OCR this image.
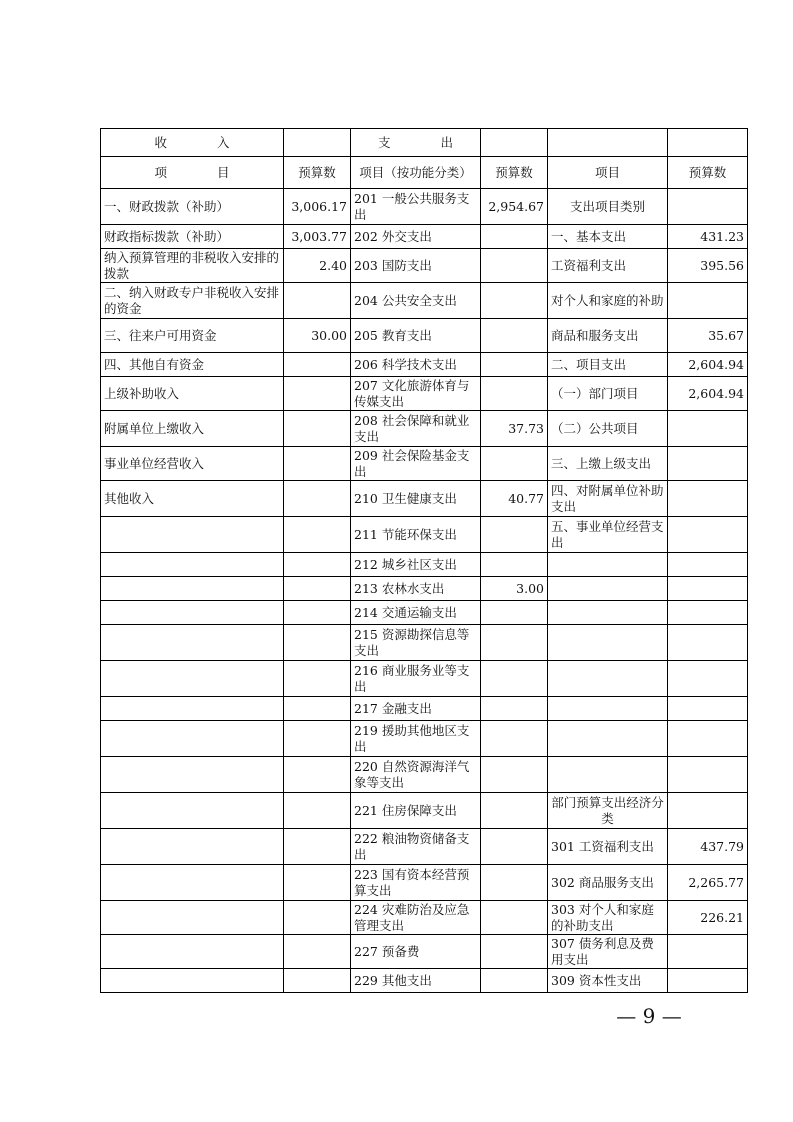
收　　　　入		支　　　　出			
项　　　　目	预算数	项目（按功能分类）	预算数	项目	预算数
一、财政拨款（补助）	3,006.17	201 一般公共服务支出	2,954.67	支出项目类别	
财政指标拨款（补助）	3,003.77	202 外交支出		一、基本支出	431.23
纳入预算管理的非税收入安排的拨款	2.40	203 国防支出		工资福利支出	395.56
二、纳入财政专户非税收入安排的资金		204 公共安全支出		对个人和家庭的补助	
三、往来户可用资金	30.00	205 教育支出		商品和服务支出	35.67
四、其他自有资金		206 科学技术支出		二、项目支出	2,604.94
上级补助收入		207 文化旅游体育与传媒支出		（一）部门项目	2,604.94
附属单位上缴收入		208 社会保障和就业支出	37.73	（二）公共项目	
事业单位经营收入		209 社会保险基金支出		三、上缴上级支出	
其他收入		210 卫生健康支出	40.77	四、对附属单位补助支出	
		211 节能环保支出		五、事业单位经营支出	
		212 城乡社区支出			
		213 农林水支出	3.00		
		214 交通运输支出			
		215 资源勘探信息等支出			
		216 商业服务业等支出			
		217 金融支出			
		219 援助其他地区支出			
		220 自然资源海洋气象等支出			
		221 住房保障支出		部门预算支出经济分类	
		222 粮油物资储备支出		301 工资福利支出	437.79
		223 国有资本经营预算支出		302 商品服务支出	2,265.77
		224 灾难防治及应急管理支出		303 对个人和家庭的补助支出	226.21
		227 预备费		307 债务利息及费用支出	
		229 其他支出		309 资本性支出	
— 9 —
